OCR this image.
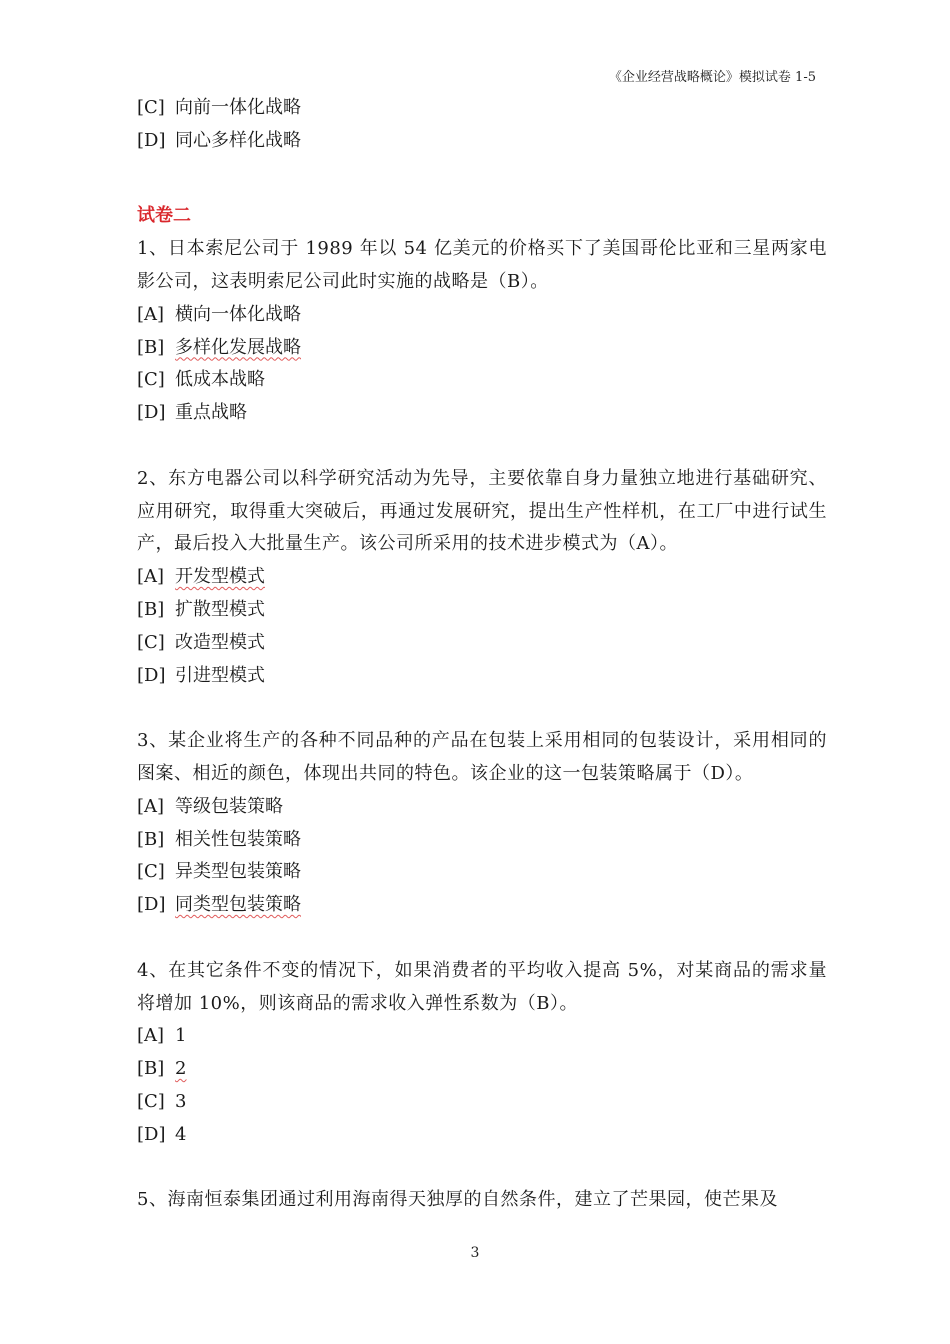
《企业经营战略概论》模拟试卷 1-5
[C] 向前一体化战略
[D] 同心多样化战略
试卷二
1、日本索尼公司于 1989 年以 54 亿美元的价格买下了美国哥伦比亚和三星两家电影公司，这表明索尼公司此时实施的战略是（B）。
[A] 横向一体化战略
[B] 多样化发展战略
[C] 低成本战略
[D] 重点战略
2、东方电器公司以科学研究活动为先导，主要依靠自身力量独立地进行基础研究、应用研究，取得重大突破后，再通过发展研究，提出生产性样机，在工厂中进行试生产，最后投入大批量生产。该公司所采用的技术进步模式为（A）。
[A] 开发型模式
[B] 扩散型模式
[C] 改造型模式
[D] 引进型模式
3、某企业将生产的各种不同品种的产品在包装上采用相同的包装设计，采用相同的图案、相近的颜色，体现出共同的特色。该企业的这一包装策略属于（D）。
[A] 等级包装策略
[B] 相关性包装策略
[C] 异类型包装策略
[D] 同类型包装策略
4、在其它条件不变的情况下，如果消费者的平均收入提高 5%，对某商品的需求量将增加 10%，则该商品的需求收入弹性系数为（B）。
[A] 1
[B] 2
[C] 3
[D] 4
5、海南恒泰集团通过利用海南得天独厚的自然条件，建立了芒果园，使芒果及
3
